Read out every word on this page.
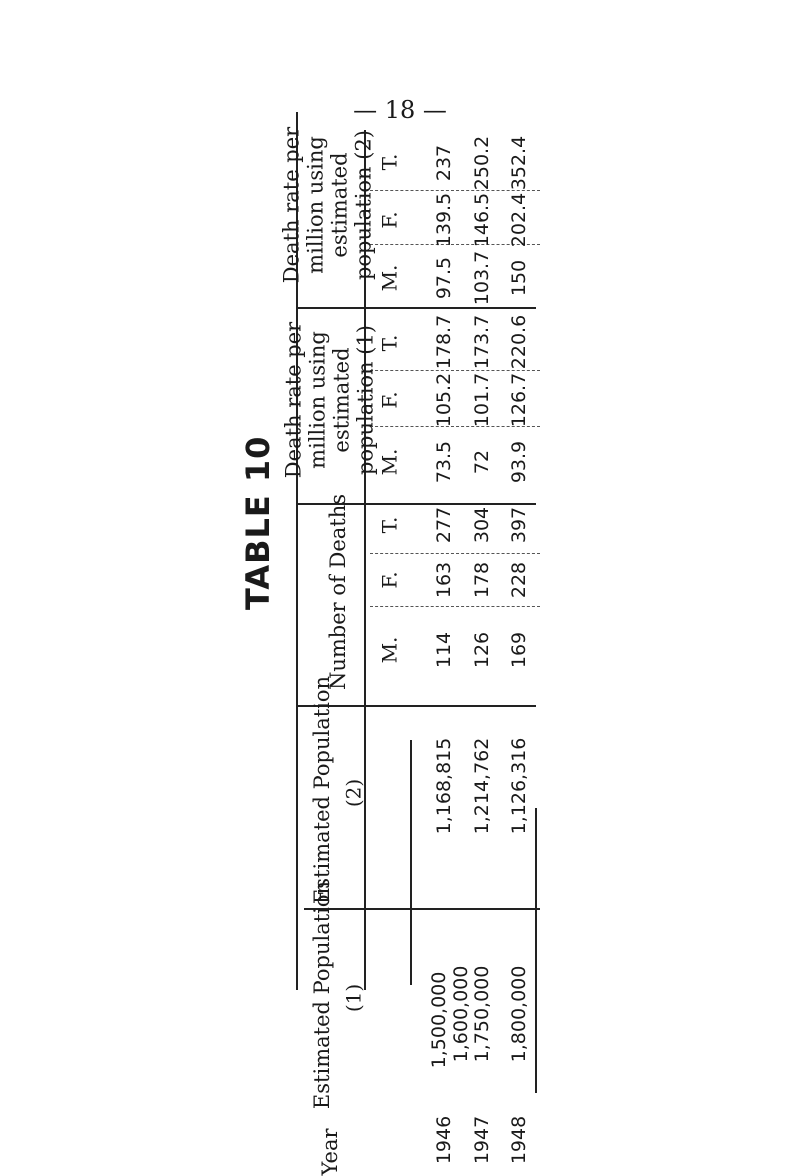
— 18 —
TABLE 10
Death rate per million using estimated population (2)
Death rate per million using estimated population (1)
Number of Deaths
Estimated Population (2)
Estimated Population (1)
Year
T.
F.
M.
T.
F.
M.
T.
F.
M.
237
139.5
97.5
178.7
105.2
73.5
277
163
114
1,168,815
1,500,000
1946
250.2
146.5
103.7
173.7
101.7
72
304
178
126
1,214,762
1,600,000
1947
352.4
202.4
150
220.6
126.7
93.9
397
228
169
1,126,316
1,750,000
1948
1,800,000
